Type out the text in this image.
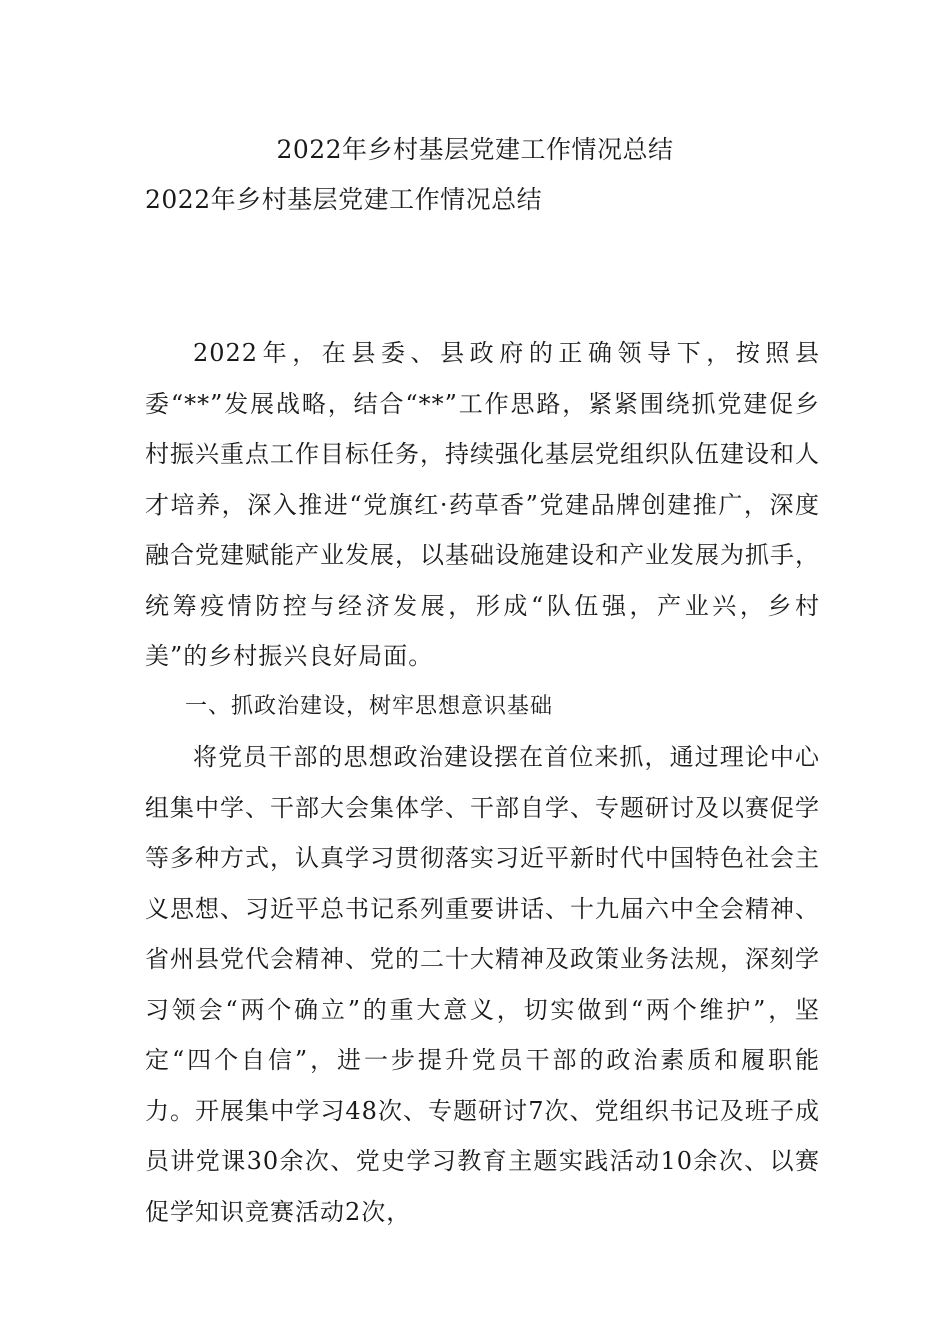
2022年乡村基层党建工作情况总结
2022年乡村基层党建工作情况总结

2022年，在县委、县政府的正确领导下，按照县委“**”发展战略，结合“**”工作思路，紧紧围绕抓党建促乡村振兴重点工作目标任务，持续强化基层党组织队伍建设和人才培养，深入推进“党旗红·药草香”党建品牌创建推广，深度融合党建赋能产业发展，以基础设施建设和产业发展为抓手，统筹疫情防控与经济发展，形成“队伍强，产业兴，乡村美”的乡村振兴良好局面。

一、抓政治建设，树牢思想意识基础

将党员干部的思想政治建设摆在首位来抓，通过理论中心组集中学、干部大会集体学、干部自学、专题研讨及以赛促学等多种方式，认真学习贯彻落实习近平新时代中国特色社会主义思想、习近平总书记系列重要讲话、十九届六中全会精神、省州县党代会精神、党的二十大精神及政策业务法规，深刻学习领会“两个确立”的重大意义，切实做到“两个维护”，坚定“四个自信”，进一步提升党员干部的政治素质和履职能力。开展集中学习48次、专题研讨7次、党组织书记及班子成员讲党课30余次、党史学习教育主题实践活动10余次、以赛促学知识竞赛活动2次，
